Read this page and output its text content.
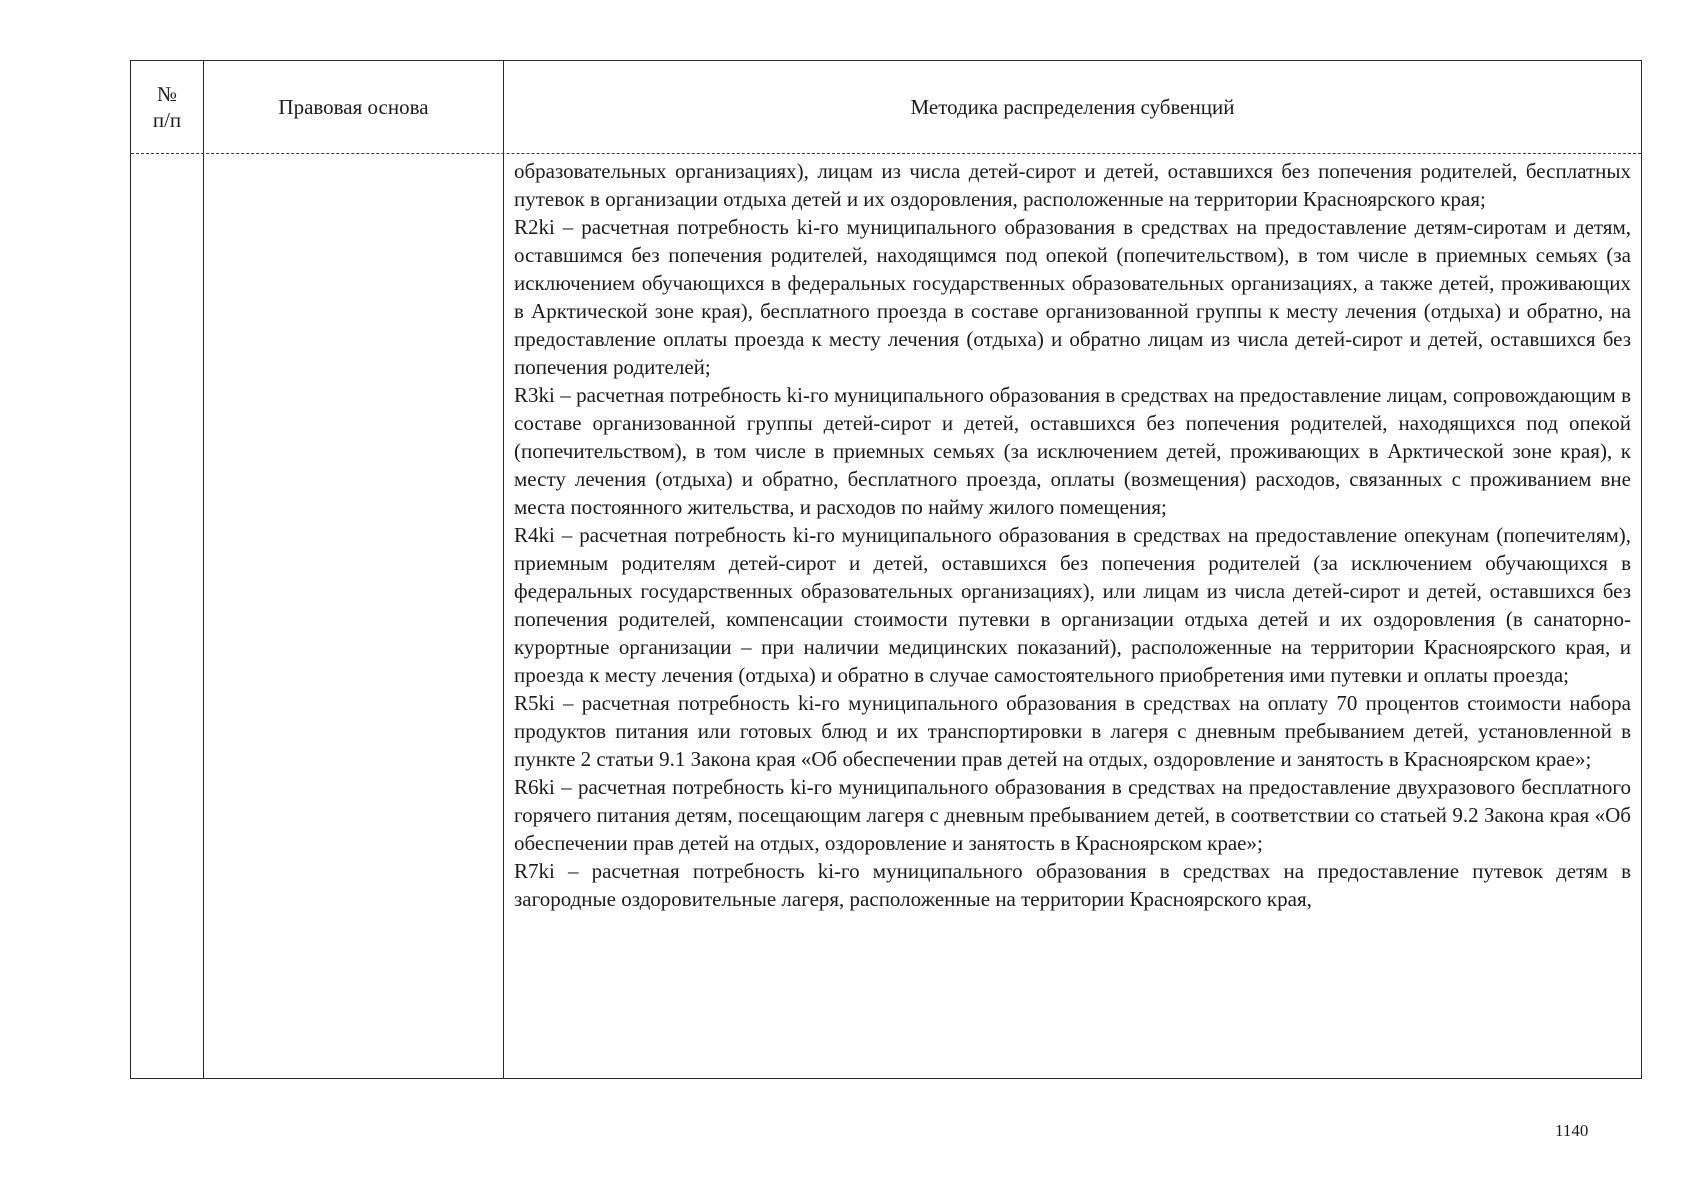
№
п/п
Правовая основа	Методика распределения субвенций

образовательных организациях), лицам из числа детей-сирот и детей, оставшихся без попечения родителей, бесплатных путевок в организации отдыха детей и их оздоровления, расположенные на территории Красноярского края;

R2ki – расчетная потребность ki-го муниципального образования в средствах на предоставление детям-сиротам и детям, оставшимся без попечения родителей, находящимся под опекой (попечительством), в том числе в приемных семьях (за исключением обучающихся в федеральных государственных образовательных организациях, а также детей, проживающих в Арктической зоне края), бесплатного проезда в составе организованной группы к месту лечения (отдыха) и обратно, на предоставление оплаты проезда к месту лечения (отдыха) и обратно лицам из числа детей-сирот и детей, оставшихся без попечения родителей;

R3ki – расчетная потребность ki-го муниципального образования в средствах на предоставление лицам, сопровождающим в составе организованной группы детей-сирот и детей, оставшихся без попечения родителей, находящихся под опекой (попечительством), в том числе в приемных семьях (за исключением детей, проживающих в Арктической зоне края), к месту лечения (отдыха) и обратно, бесплатного проезда, оплаты (возмещения) расходов, связанных с проживанием вне места постоянного жительства, и расходов по найму жилого помещения;

R4ki – расчетная потребность ki-го муниципального образования в средствах на предоставление опекунам (попечителям), приемным родителям детей-сирот и детей, оставшихся без попечения родителей (за исключением обучающихся в федеральных государственных образовательных организациях), или лицам из числа детей-сирот и детей, оставшихся без попечения родителей, компенсации стоимости путевки в организации отдыха детей и их оздоровления (в санаторно-курортные организации – при наличии медицинских показаний), расположенные на территории Красноярского края, и проезда к месту лечения (отдыха) и обратно в случае самостоятельного приобретения ими путевки и оплаты проезда;

R5ki – расчетная потребность ki-го муниципального образования в средствах на оплату 70 процентов стоимости набора продуктов питания или готовых блюд и их транспортировки в лагеря с дневным пребыванием детей, установленной в пункте 2 статьи 9.1 Закона края «Об обеспечении прав детей на отдых, оздоровление и занятость в Красноярском крае»;

R6ki – расчетная потребность ki-го муниципального образования в средствах на предоставление двухразового бесплатного горячего питания детям, посещающим лагеря с дневным пребыванием детей, в соответствии со статьей 9.2 Закона края «Об обеспечении прав детей на отдых, оздоровление и занятость в Красноярском крае»;

R7ki – расчетная потребность ki-го муниципального образования в средствах на предоставление путевок детям в загородные оздоровительные лагеря, расположенные на территории Красноярского края,

1140
